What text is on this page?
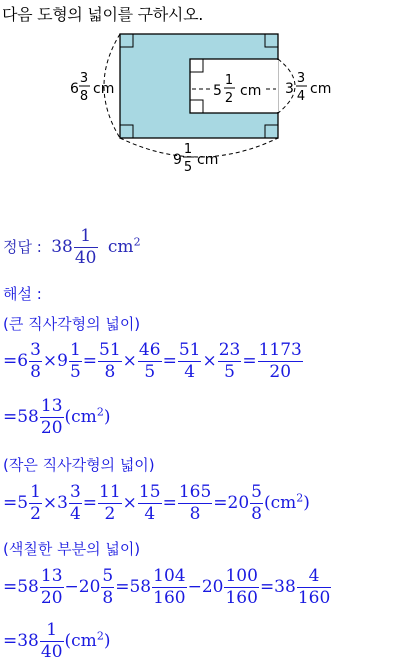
다음 도형의 넓이를 구하시오.
6
3
8 cm	5
1
2 cm 3
3
4 cm
9
1
5 cm
정답 : $38 \frac{1}{40} cm^2$
해설 :
(큰 직사각형의 넓이)
$=6 \frac{3}{8} \times 9 \frac{1}{5} = \frac{51}{8} \times \frac{46}{5} = \frac{51}{4} \times \frac{23}{5} = \frac{1173}{20}$
$=58 \frac{13}{20} (cm^2)$
(작은 직사각형의 넓이)
$=5 \frac{1}{2} \times 3 \frac{3}{4} = \frac{11}{2} \times \frac{15}{4} = \frac{165}{8} =20 \frac{5}{8} (cm^2)$
(색칠한 부분의 넓이)
$=58 \frac{13}{20} -20 \frac{5}{8} =58 \frac{104}{160} -20 \frac{100}{160} =38 \frac{4}{160}$
$=38 \frac{1}{40} (cm^2)$
